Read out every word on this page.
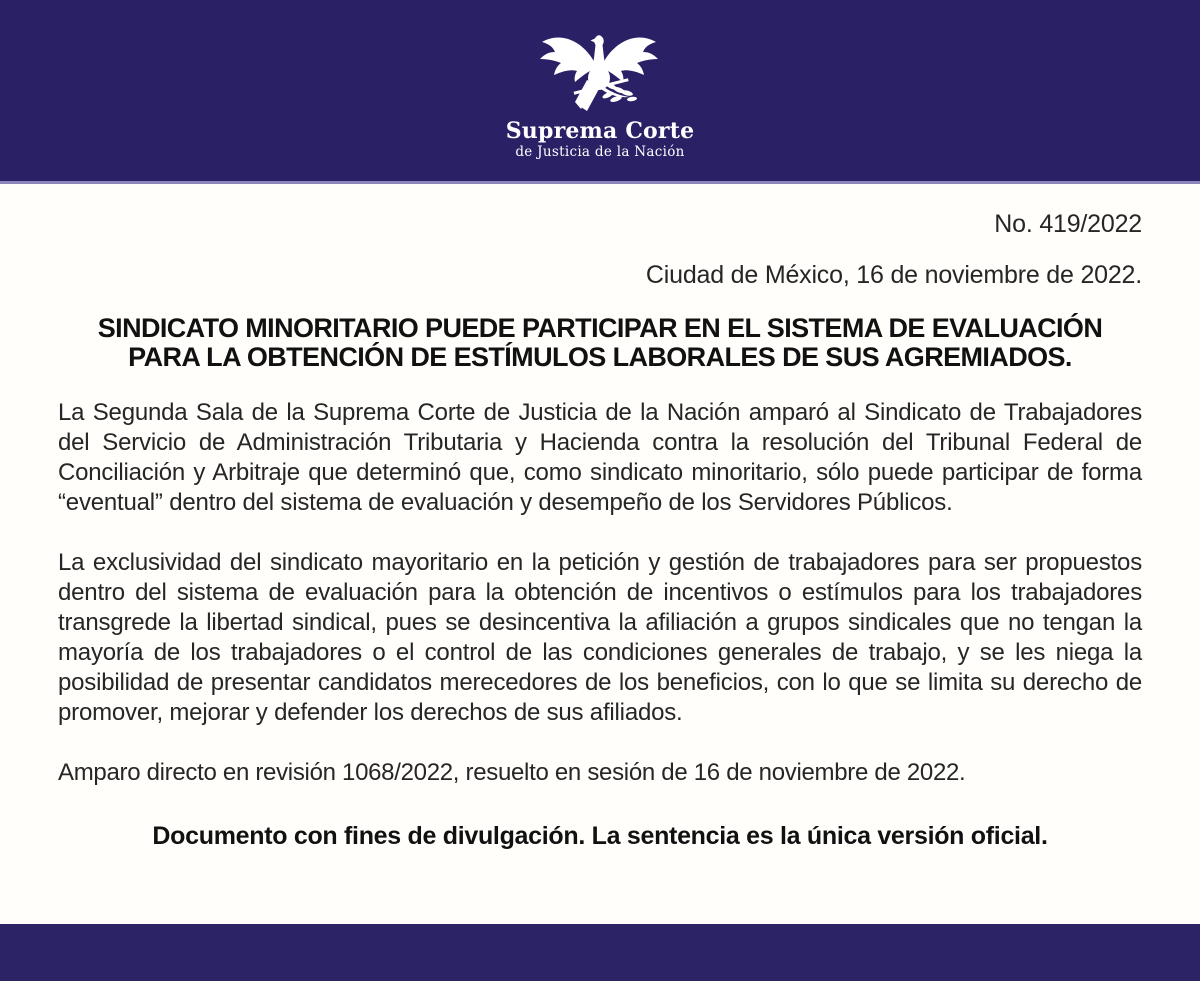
Suprema Corte
de Justicia de la Nación
No. 419/2022
Ciudad de México, 16 de noviembre de 2022.
SINDICATO MINORITARIO PUEDE PARTICIPAR EN EL SISTEMA DE EVALUACIÓN
PARA LA OBTENCIÓN DE ESTÍMULOS LABORALES DE SUS AGREMIADOS.

La Segunda Sala de la Suprema Corte de Justicia de la Nación amparó al Sindicato de Trabajadores del Servicio de Administración Tributaria y Hacienda contra la resolución del Tribunal Federal de Conciliación y Arbitraje que determinó que, como sindicato minoritario, sólo puede participar de forma “eventual” dentro del sistema de evaluación y desempeño de los Servidores Públicos.

La exclusividad del sindicato mayoritario en la petición y gestión de trabajadores para ser propuestos dentro del sistema de evaluación para la obtención de incentivos o estímulos para los trabajadores transgrede la libertad sindical, pues se desincentiva la afiliación a grupos sindicales que no tengan la mayoría de los trabajadores o el control de las condiciones generales de trabajo, y se les niega la posibilidad de presentar candidatos merecedores de los beneficios, con lo que se limita su derecho de promover, mejorar y defender los derechos de sus afiliados.

Amparo directo en revisión 1068/2022, resuelto en sesión de 16 de noviembre de 2022.

Documento con fines de divulgación. La sentencia es la única versión oficial.
